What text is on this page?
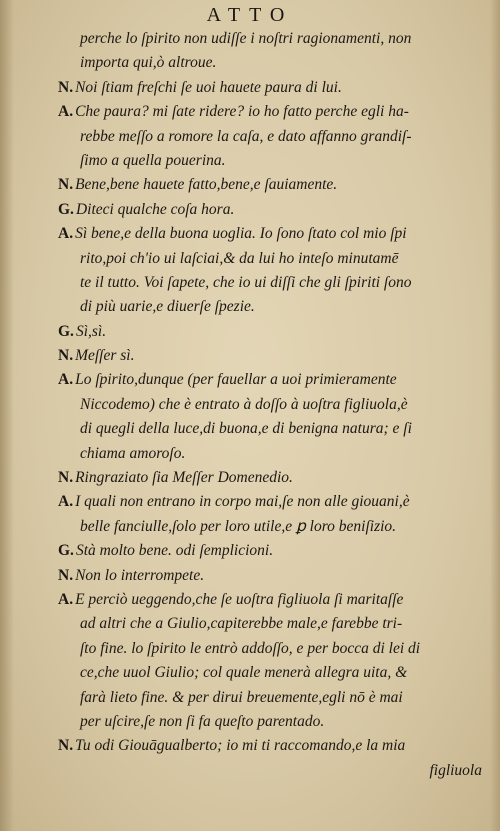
ATTO
perche lo ſpirito non udiſſe i noſtri ragionamenti, non
importa qui,ò altroue.
N. Noi ſtiam freſchi ſe uoi hauete paura di lui.
A. Che paura? mi ſate ridere? io ho fatto perche egli ha-
rebbe meſſo a romore la caſa, e dato affanno grandiſ-
ſimo a quella pouerina.
N. Bene,bene hauete fatto,bene,e ſauiamente.
G. Diteci qualche coſa hora.
A. Sì bene,e della buona uoglia. Io ſono ſtato col mio ſpi
rito,poi ch'io ui laſciai,& da lui ho inteſo minutamē
te il tutto. Voi ſapete, che io ui diſſi che gli ſpiriti ſono
di più uarie,e diuerſe ſpezie.
G. Sì,sì.
N. Meſſer sì.
A. Lo ſpirito,dunque (per fauellar a uoi primieramente
Niccodemo) che è entrato à doſſo à uoſtra figliuola,è
di quegli della luce,di buona,e di benigna natura; e ſi
chiama amoroſo.
N. Ringraziato ſia Meſſer Domenedio.
A. I quali non entrano in corpo mai,ſe non alle giouani,è
belle fanciulle,ſolo per loro utile,e ꝑ loro beniſizio.
G. Stà molto bene. odi ſemplicioni.
N. Non lo interrompete.
A. E perciò ueggendo,che ſe uoſtra figliuola ſi maritaſſe
ad altri che a Giulio,capiterebbe male,e farebbe tri-
ſto fine. lo ſpirito le entrò addoſſo, e per bocca di lei di
ce,che uuol Giulio; col quale menerà allegra uita, &
farà lieto fine. & per dirui breuemente,egli nō è mai
per uſcire,ſe non ſi fa queſto parentado.
N. Tu odi Giouāgualberto; io mi ti raccomando,e la mia
figliuola
